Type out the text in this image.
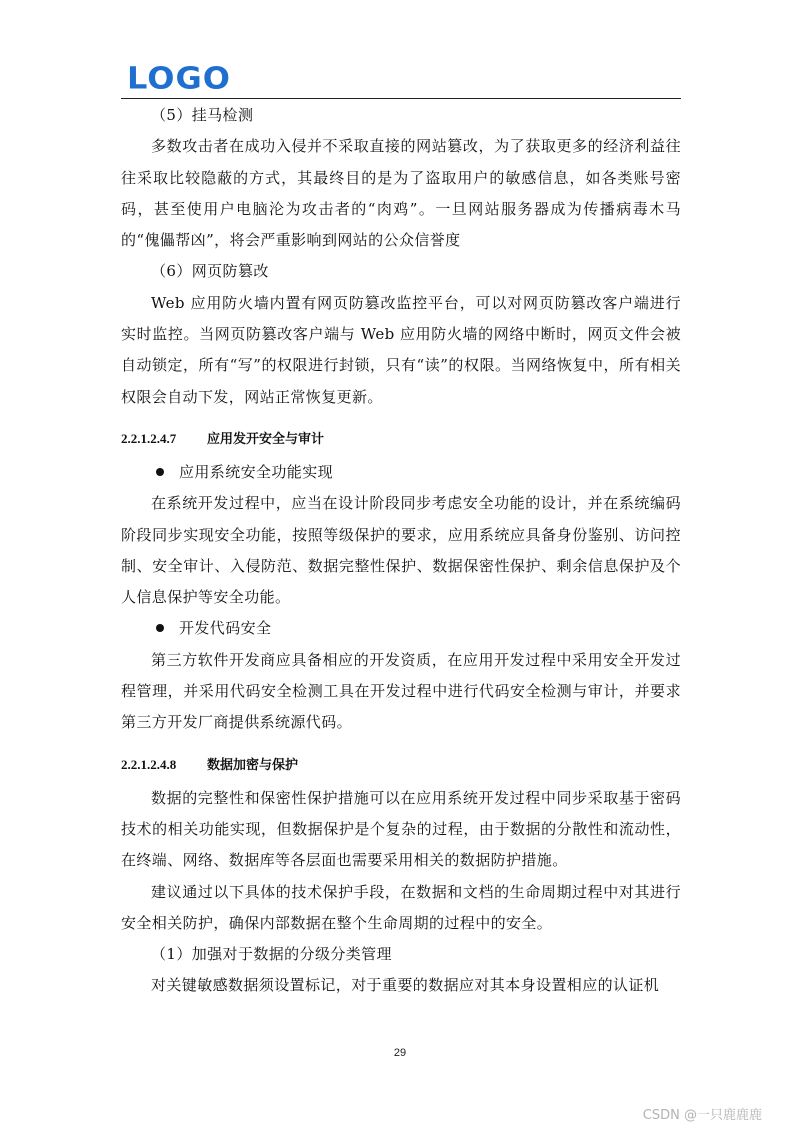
LOGO

（5）挂马检测

多数攻击者在成功入侵并不采取直接的网站篡改，为了获取更多的经济利益往往采取比较隐蔽的方式，其最终目的是为了盗取用户的敏感信息，如各类账号密码，甚至使用户电脑沦为攻击者的“肉鸡”。一旦网站服务器成为传播病毒木马的“傀儡帮凶”，将会严重影响到网站的公众信誉度

（6）网页防篡改

Web 应用防火墙内置有网页防篡改监控平台，可以对网页防篡改客户端进行实时监控。当网页防篡改客户端与 Web 应用防火墙的网络中断时，网页文件会被自动锁定，所有“写”的权限进行封锁，只有“读”的权限。当网络恢复中，所有相关权限会自动下发，网站正常恢复更新。

2.2.1.2.4.7 应用发开安全与审计
应用系统安全功能实现

在系统开发过程中，应当在设计阶段同步考虑安全功能的设计，并在系统编码阶段同步实现安全功能，按照等级保护的要求，应用系统应具备身份鉴别、访问控制、安全审计、入侵防范、数据完整性保护、数据保密性保护、剩余信息保护及个人信息保护等安全功能。

开发代码安全

第三方软件开发商应具备相应的开发资质，在应用开发过程中采用安全开发过程管理，并采用代码安全检测工具在开发过程中进行代码安全检测与审计，并要求第三方开发厂商提供系统源代码。

2.2.1.2.4.8 数据加密与保护

数据的完整性和保密性保护措施可以在应用系统开发过程中同步采取基于密码技术的相关功能实现，但数据保护是个复杂的过程，由于数据的分散性和流动性，在终端、网络、数据库等各层面也需要采用相关的数据防护措施。

建议通过以下具体的技术保护手段，在数据和文档的生命周期过程中对其进行安全相关防护，确保内部数据在整个生命周期的过程中的安全。

（1）加强对于数据的分级分类管理

对关键敏感数据须设置标记，对于重要的数据应对其本身设置相应的认证机

29
CSDN @一只鹿鹿鹿
